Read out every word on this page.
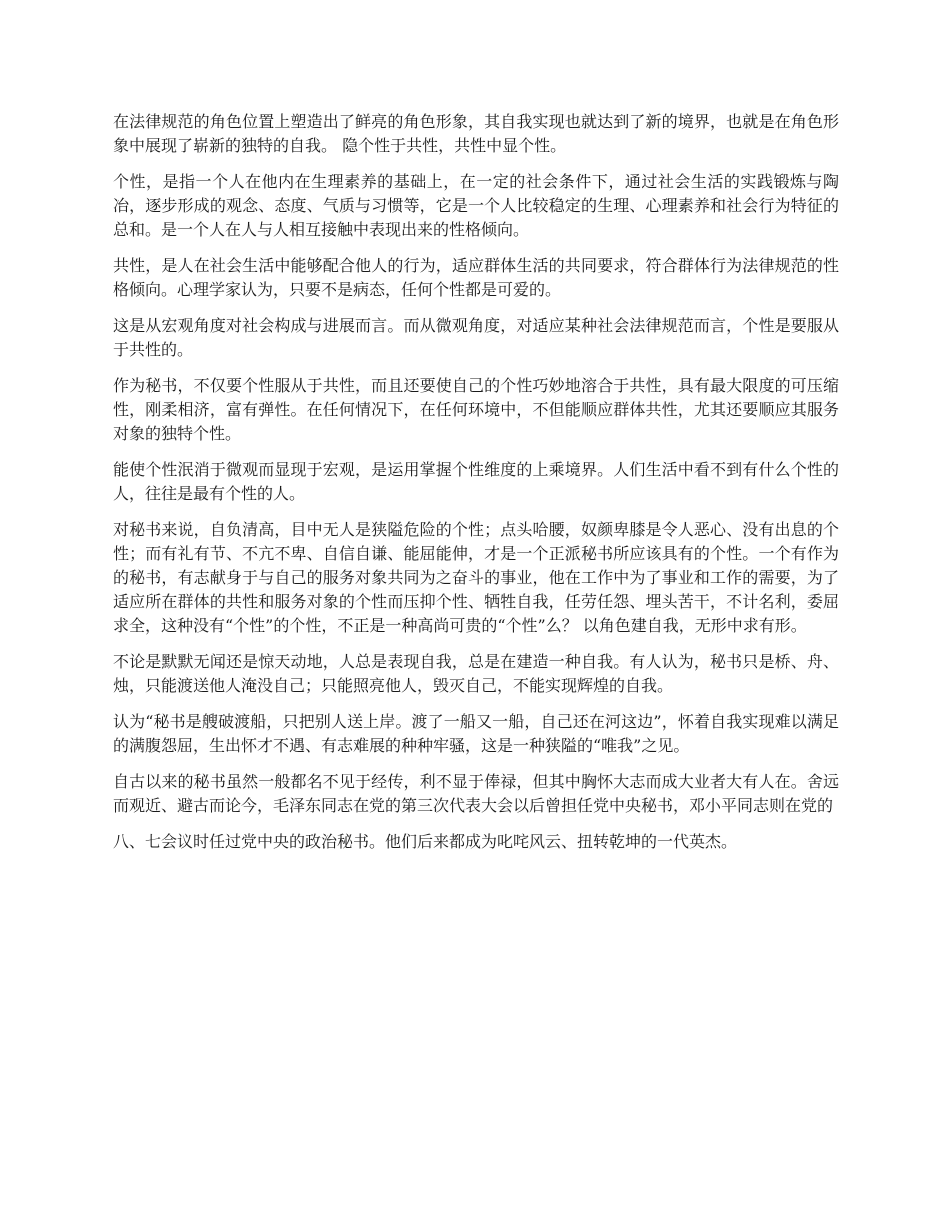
在法律规范的角色位置上塑造出了鲜亮的角色形象，其自我实现也就达到了新的境界，也就是在角色形象中展现了崭新的独特的自我。 隐个性于共性，共性中显个性。

个性，是指一个人在他内在生理素养的基础上，在一定的社会条件下，通过社会生活的实践锻炼与陶冶，逐步形成的观念、态度、气质与习惯等，它是一个人比较稳定的生理、心理素养和社会行为特征的总和。是一个人在人与人相互接触中表现出来的性格倾向。

共性，是人在社会生活中能够配合他人的行为，适应群体生活的共同要求，符合群体行为法律规范的性格倾向。心理学家认为，只要不是病态，任何个性都是可爱的。

这是从宏观角度对社会构成与进展而言。而从微观角度，对适应某种社会法律规范而言，个性是要服从于共性的。

作为秘书，不仅要个性服从于共性，而且还要使自己的个性巧妙地溶合于共性，具有最大限度的可压缩性，刚柔相济，富有弹性。在任何情况下，在任何环境中，不但能顺应群体共性，尤其还要顺应其服务对象的独特个性。

能使个性泯消于微观而显现于宏观，是运用掌握个性维度的上乘境界。人们生活中看不到有什么个性的人，往往是最有个性的人。

对秘书来说，自负清高，目中无人是狭隘危险的个性；点头哈腰，奴颜卑膝是令人恶心、没有出息的个性；而有礼有节、不亢不卑、自信自谦、能屈能伸，才是一个正派秘书所应该具有的个性。一个有作为的秘书，有志献身于与自己的服务对象共同为之奋斗的事业，他在工作中为了事业和工作的需要，为了适应所在群体的共性和服务对象的个性而压抑个性、牺牲自我，任劳任怨、埋头苦干，不计名利，委屈求全，这种没有“个性”的个性，不正是一种高尚可贵的“个性”么？ 以角色建自我，无形中求有形。

不论是默默无闻还是惊天动地，人总是表现自我，总是在建造一种自我。有人认为，秘书只是桥、舟、烛，只能渡送他人淹没自己；只能照亮他人，毁灭自己，不能实现辉煌的自我。

认为“秘书是艘破渡船，只把别人送上岸。渡了一船又一船，自己还在河这边”，怀着自我实现难以满足的满腹怨屈，生出怀才不遇、有志难展的种种牢骚，这是一种狭隘的“唯我”之见。

自古以来的秘书虽然一般都名不见于经传，利不显于俸禄，但其中胸怀大志而成大业者大有人在。舍远而观近、避古而论今，毛泽东同志在党的第三次代表大会以后曾担任党中央秘书，邓小平同志则在党的

八、七会议时任过党中央的政治秘书。他们后来都成为叱咤风云、扭转乾坤的一代英杰。
